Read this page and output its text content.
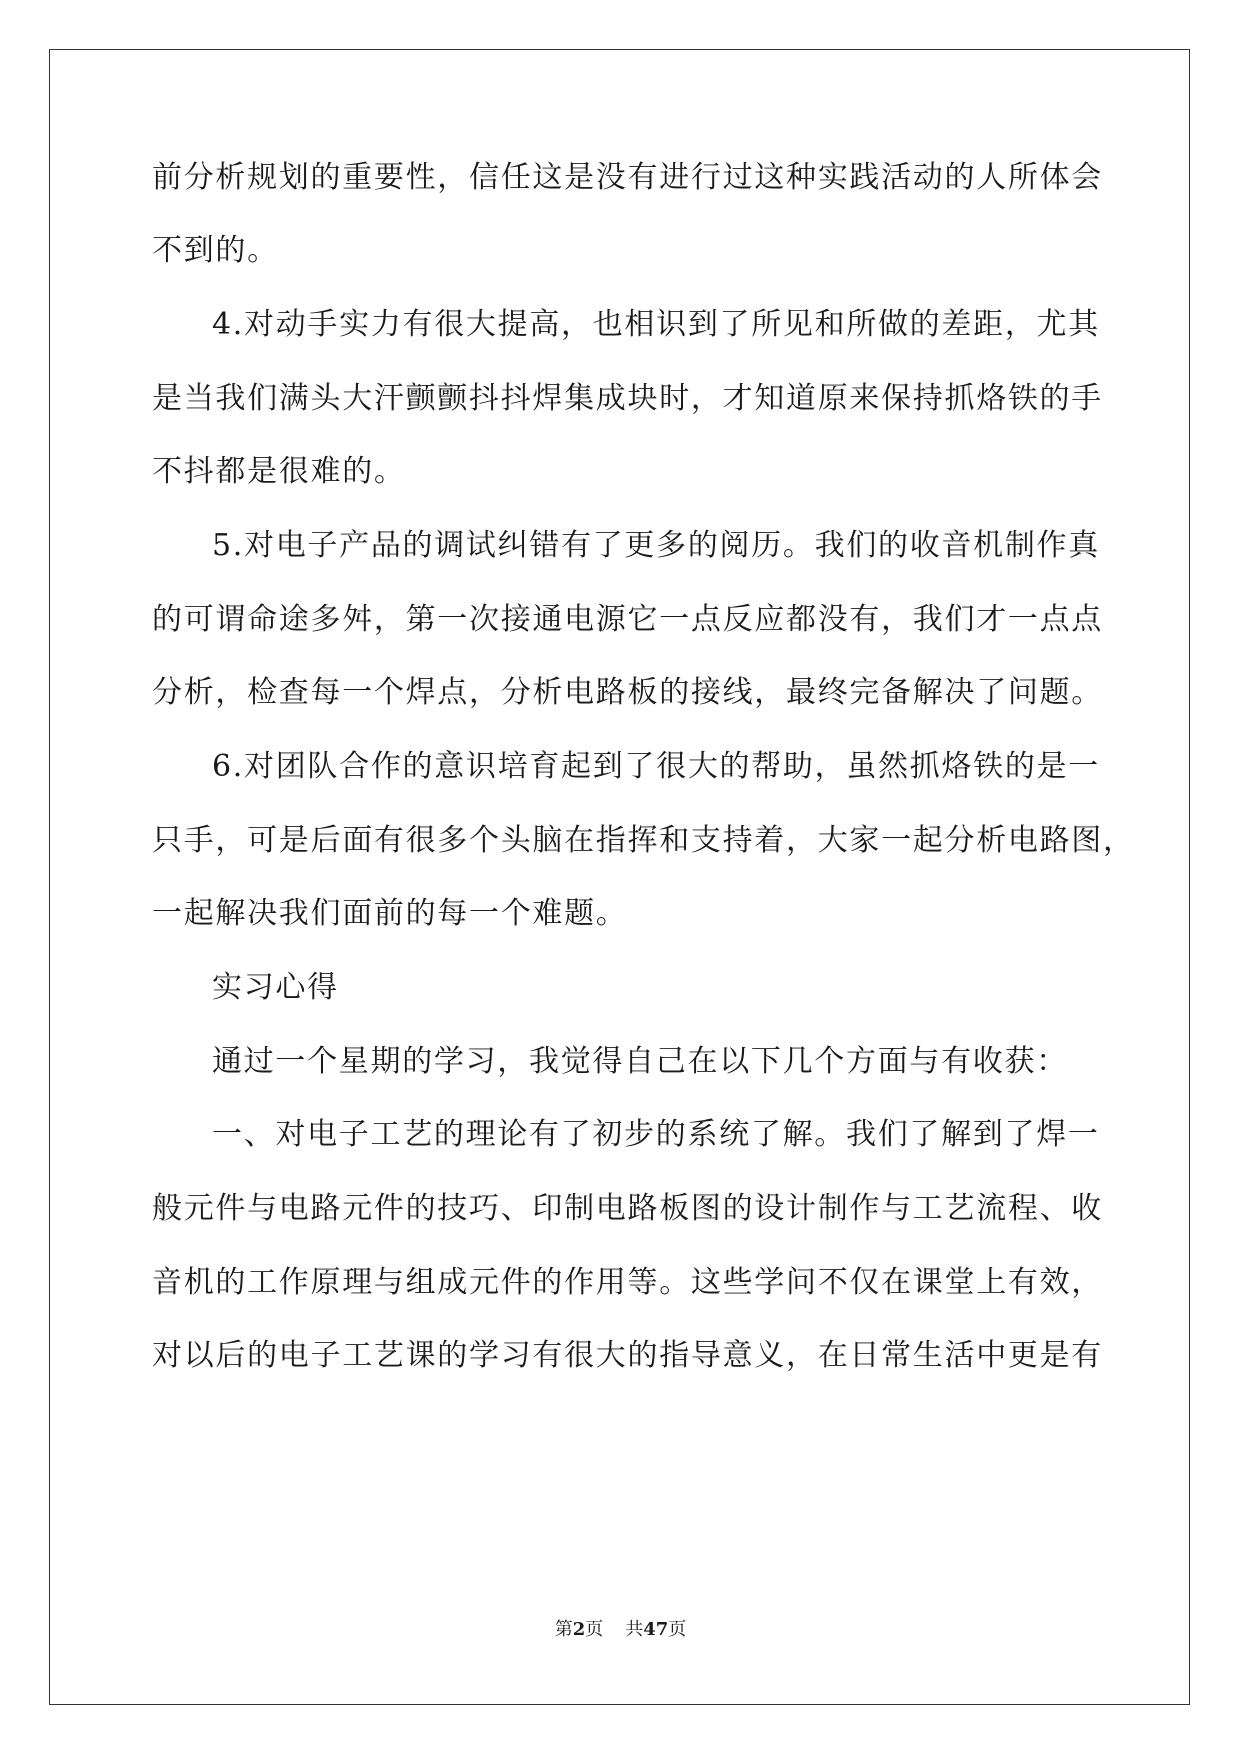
前分析规划的重要性，信任这是没有进行过这种实践活动的人所体会
不到的。
4.对动手实力有很大提高，也相识到了所见和所做的差距，尤其
是当我们满头大汗颤颤抖抖焊集成块时，才知道原来保持抓烙铁的手
不抖都是很难的。
5.对电子产品的调试纠错有了更多的阅历。我们的收音机制作真
的可谓命途多舛，第一次接通电源它一点反应都没有，我们才一点点
分析，检查每一个焊点，分析电路板的接线，最终完备解决了问题。
6.对团队合作的意识培育起到了很大的帮助，虽然抓烙铁的是一
只手，可是后面有很多个头脑在指挥和支持着，大家一起分析电路图，
一起解决我们面前的每一个难题。
实习心得
通过一个星期的学习，我觉得自己在以下几个方面与有收获：
一、对电子工艺的理论有了初步的系统了解。我们了解到了焊一
般元件与电路元件的技巧、印制电路板图的设计制作与工艺流程、收
音机的工作原理与组成元件的作用等。这些学问不仅在课堂上有效，
对以后的电子工艺课的学习有很大的指导意义，在日常生活中更是有
第2页 共47页
